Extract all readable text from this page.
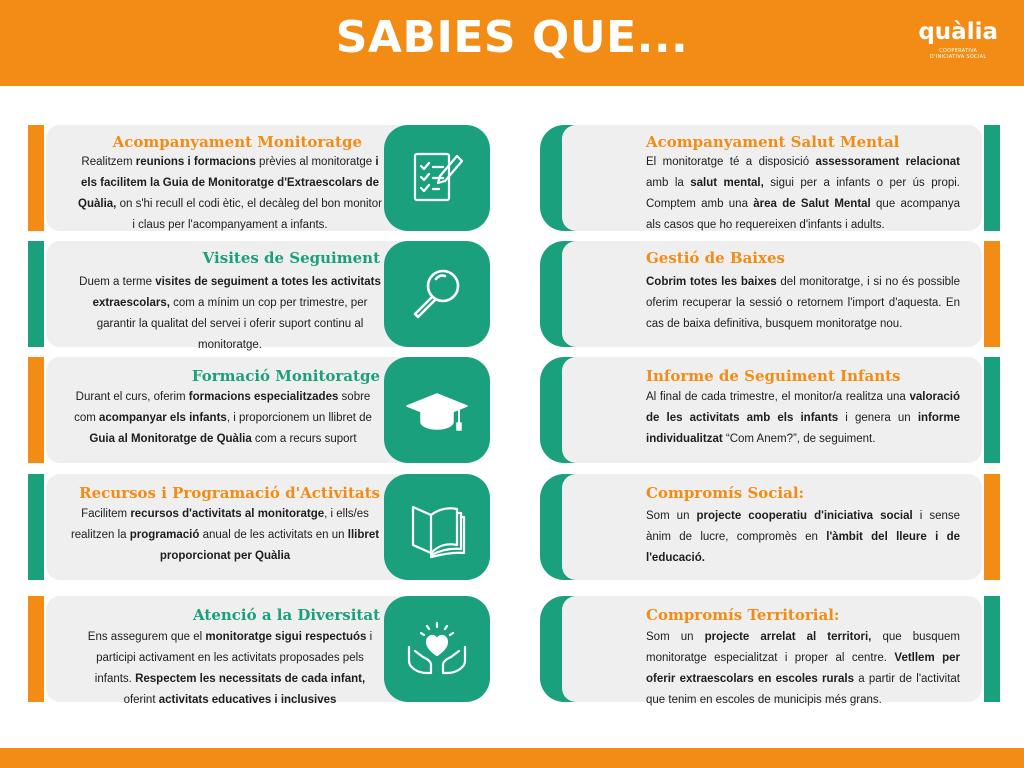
SABIES QUE...	quàlia
COOPERATIVA
D'INICIATIVA SOCIAL
Acompanyament Monitoratge
Realitzem reunions i formacions prèvies al monitoratge i els facilitem la Guia de Monitoratge d'Extraescolars de Quàlia, on s'hi recull el codi ètic, el decàleg del bon monitor i claus per l'acompanyament a infants.
Acompanyament Salut Mental
El monitoratge té a disposició assessorament relacionat amb la salut mental, sigui per a infants o per ús propi. Comptem amb una àrea de Salut Mental que acompanya als casos que ho requereixen d'infants i adults.
Visites de Seguiment
Duem a terme visites de seguiment a totes les activitats extraescolars, com a mínim un cop per trimestre, per garantir la qualitat del servei i oferir suport continu al monitoratge.
Gestió de Baixes
Cobrim totes les baixes del monitoratge, i si no és possible oferim recuperar la sessió o retornem l'import d'aquesta. En cas de baixa definitiva, busquem monitoratge nou.
Formació Monitoratge
Durant el curs, oferim formacions especialitzades sobre com acompanyar els infants, i proporcionem un llibret de Guia al Monitoratge de Quàlia com a recurs suport
Informe de Seguiment Infants
Al final de cada trimestre, el monitor/a realitza una valoració de les activitats amb els infants i genera un informe individualitzat “Com Anem?”, de seguiment.
Recursos i Programació d'Activitats
Facilitem recursos d'activitats al monitoratge, i ells/es realitzen la programació anual de les activitats en un llibret proporcionat per Quàlia
Compromís Social:
Som un projecte cooperatiu d'iniciativa social i sense ànim de lucre, compromès en l'àmbit del lleure i de l'educació.
Atenció a la Diversitat
Ens assegurem que el monitoratge sigui respectuós i participi activament en les activitats proposades pels infants. Respectem les necessitats de cada infant, oferint activitats educatives i inclusives
Compromís Territorial:
Som un projecte arrelat al territori, que busquem monitoratge especialitzat i proper al centre. Vetllem per oferir extraescolars en escoles rurals a partir de l'activitat que tenim en escoles de municipis més grans.
